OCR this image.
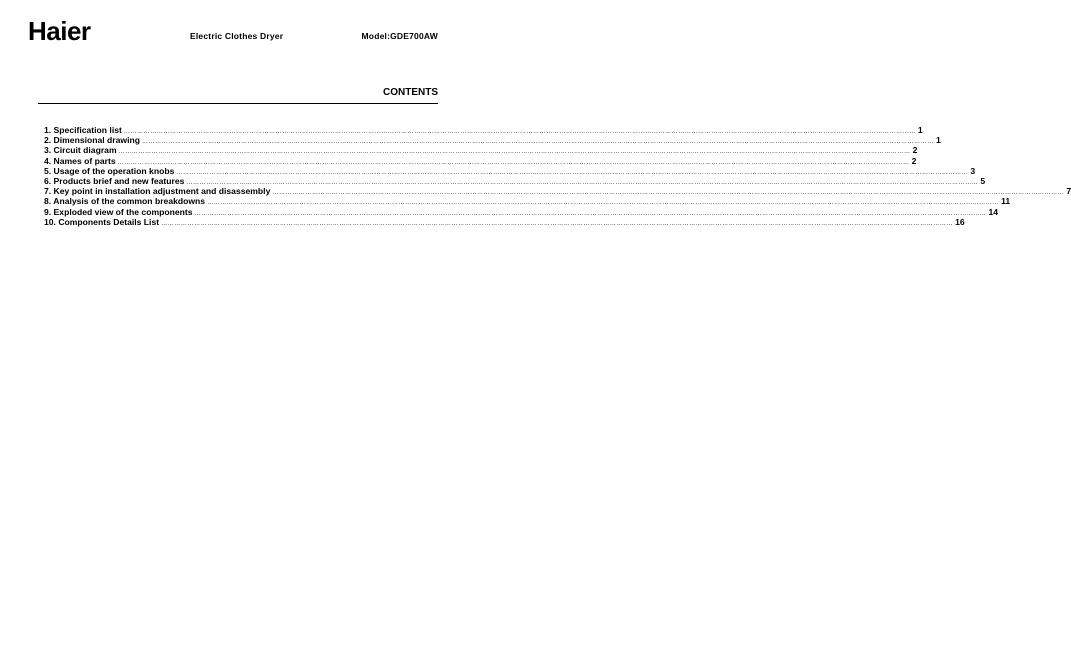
Haier	Electric Clothes Dryer	Model:GDE700AW
CONTENTS
1. Specification list ……………………………………………………………………………………………………………………………………………………………………………………………………………………………………………………………………………………………………………………………… 1
2. Dimensional drawing ……………………………………………………………………………………………………………………………………………………………………………………………………………………………………………………………………………………………………………………………… 1
3. Circuit diagram ……………………………………………………………………………………………………………………………………………………………………………………………………………………………………………………………………………………………………………………………… 2
4. Names of parts ……………………………………………………………………………………………………………………………………………………………………………………………………………………………………………………………………………………………………………………………… 2
5. Usage of the operation knobs ……………………………………………………………………………………………………………………………………………………………………………………………………………………………………………………………………………………………………………………………… 3
6. Products brief and new features ……………………………………………………………………………………………………………………………………………………………………………………………………………………………………………………………………………………………………………………………… 5
7. Key point in installation adjustment and disassembly ……………………………………………………………………………………………………………………………………………………………………………………………………………………………………………………………………………………………………………………………… 7
8. Analysis of the common breakdowns ……………………………………………………………………………………………………………………………………………………………………………………………………………………………………………………………………………………………………………………………… 11
9. Exploded view of the components ……………………………………………………………………………………………………………………………………………………………………………………………………………………………………………………………………………………………………………………………… 14
10. Components Details List ……………………………………………………………………………………………………………………………………………………………………………………………………………………………………………………………………………………………………………………………… 16
